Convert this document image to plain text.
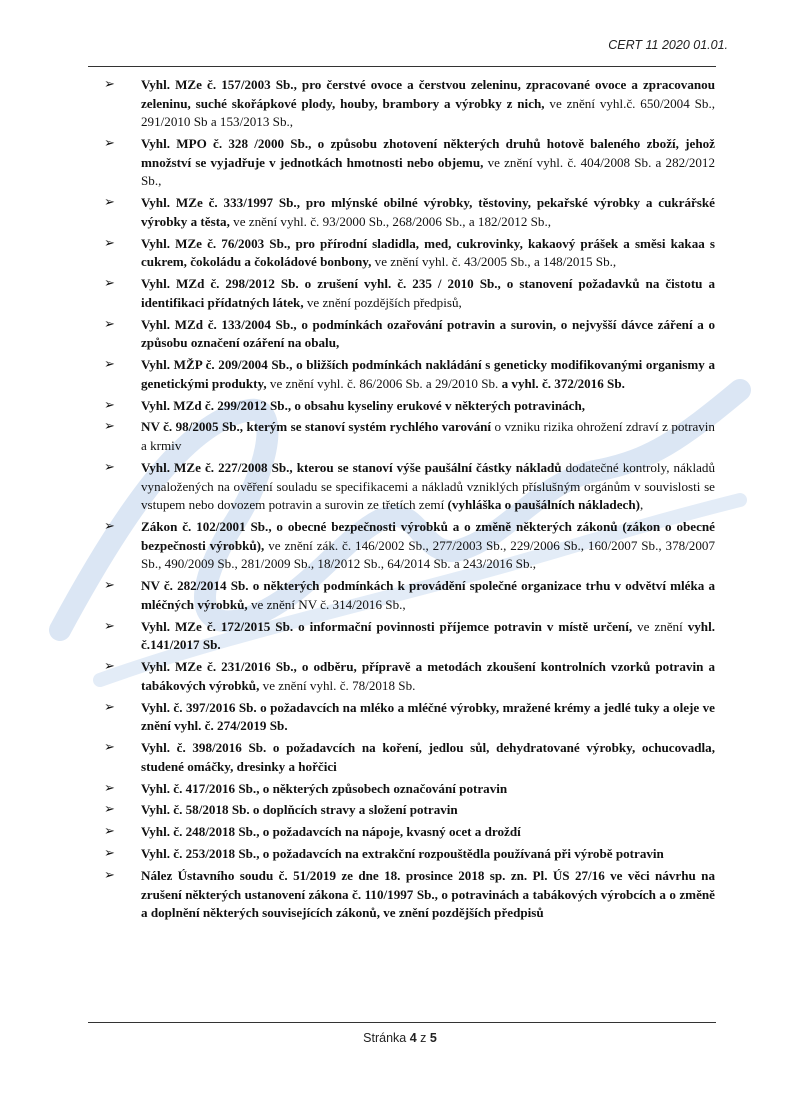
CERT 11 2020 01.01.
➢ Vyhl. MZe č. 157/2003 Sb., pro čerstvé ovoce a čerstvou zeleninu, zpracované ovoce a zpracovanou zeleninu, suché skořápkové plody, houby, brambory a výrobky z nich, ve znění vyhl.č. 650/2004 Sb., 291/2010 Sb a 153/2013 Sb.,
➢ Vyhl. MPO č. 328 /2000 Sb., o způsobu zhotovení některých druhů hotově baleného zboží, jehož množství se vyjadřuje v jednotkách hmotnosti nebo objemu, ve znění vyhl. č. 404/2008 Sb. a 282/2012 Sb.,
➢ Vyhl. MZe č. 333/1997 Sb., pro mlýnské obilné výrobky, těstoviny, pekařské výrobky a cukrářské výrobky a těsta, ve znění vyhl. č. 93/2000 Sb., 268/2006 Sb., a 182/2012 Sb.,
➢ Vyhl. MZe č. 76/2003 Sb., pro přírodní sladidla, med, cukrovinky, kakaový prášek a směsi kakaa s cukrem, čokoládu a čokoládové bonbony, ve znění vyhl. č. 43/2005 Sb., a 148/2015 Sb.,
➢ Vyhl. MZd č. 298/2012 Sb. o zrušení vyhl. č. 235 / 2010 Sb., o stanovení požadavků na čistotu a identifikaci přídatných látek, ve znění pozdějších předpisů,
➢ Vyhl. MZd č. 133/2004 Sb., o podmínkách ozařování potravin a surovin, o nejvyšší dávce záření a o způsobu označení ozáření na obalu,
➢ Vyhl. MŽP č. 209/2004 Sb., o bližších podmínkách nakládání s geneticky modifikovanými organismy a genetickými produkty, ve znění vyhl. č. 86/2006 Sb. a 29/2010 Sb. a vyhl. č. 372/2016 Sb.
➢ Vyhl. MZd č. 299/2012 Sb., o obsahu kyseliny erukové v některých potravinách,
➢ NV č. 98/2005 Sb., kterým se stanoví systém rychlého varování o vzniku rizika ohrožení zdraví z potravin a krmiv
➢ Vyhl. MZe č. 227/2008 Sb., kterou se stanoví výše paušální částky nákladů dodatečné kontroly, nákladů vynaložených na ověření souladu se specifikacemi a nákladů vzniklých příslušným orgánům v souvislosti se vstupem nebo dovozem potravin a surovin ze třetích zemí (vyhláška o paušálních nákladech),
➢ Zákon č. 102/2001 Sb., o obecné bezpečnosti výrobků a o změně některých zákonů (zákon o obecné bezpečnosti výrobků), ve znění zák. č. 146/2002 Sb., 277/2003 Sb., 229/2006 Sb., 160/2007 Sb., 378/2007 Sb., 490/2009 Sb., 281/2009 Sb., 18/2012 Sb., 64/2014 Sb. a 243/2016 Sb.,
➢ NV č. 282/2014 Sb. o některých podmínkách k provádění společné organizace trhu v odvětví mléka a mléčných výrobků, ve znění NV č. 314/2016 Sb.,
➢ Vyhl. MZe č. 172/2015 Sb. o informační povinnosti příjemce potravin v místě určení, ve znění vyhl. č.141/2017 Sb.
➢ Vyhl. MZe č. 231/2016 Sb., o odběru, přípravě a metodách zkoušení kontrolních vzorků potravin a tabákových výrobků, ve znění vyhl. č. 78/2018 Sb.
➢ Vyhl. č. 397/2016 Sb. o požadavcích na mléko a mléčné výrobky, mražené krémy a jedlé tuky a oleje ve znění vyhl. č. 274/2019 Sb.
➢ Vyhl. č. 398/2016 Sb. o požadavcích na koření, jedlou sůl, dehydratované výrobky, ochucovadla, studené omáčky, dresinky a hořčici
➢ Vyhl. č. 417/2016 Sb., o některých způsobech označování potravin
➢ Vyhl. č. 58/2018 Sb. o doplňcích stravy a složení potravin
➢ Vyhl. č. 248/2018 Sb., o požadavcích na nápoje, kvasný ocet a droždí
➢ Vyhl. č. 253/2018 Sb., o požadavcích na extrakční rozpouštědla používaná při výrobě potravin
➢ Nález Ústavního soudu č. 51/2019 ze dne 18. prosince 2018 sp. zn. Pl. ÚS 27/16 ve věci návrhu na zrušení některých ustanovení zákona č. 110/1997 Sb., o potravinách a tabákových výrobcích a o změně a doplnění některých souvisejících zákonů, ve znění pozdějších předpisů
Stránka 4 z 5
